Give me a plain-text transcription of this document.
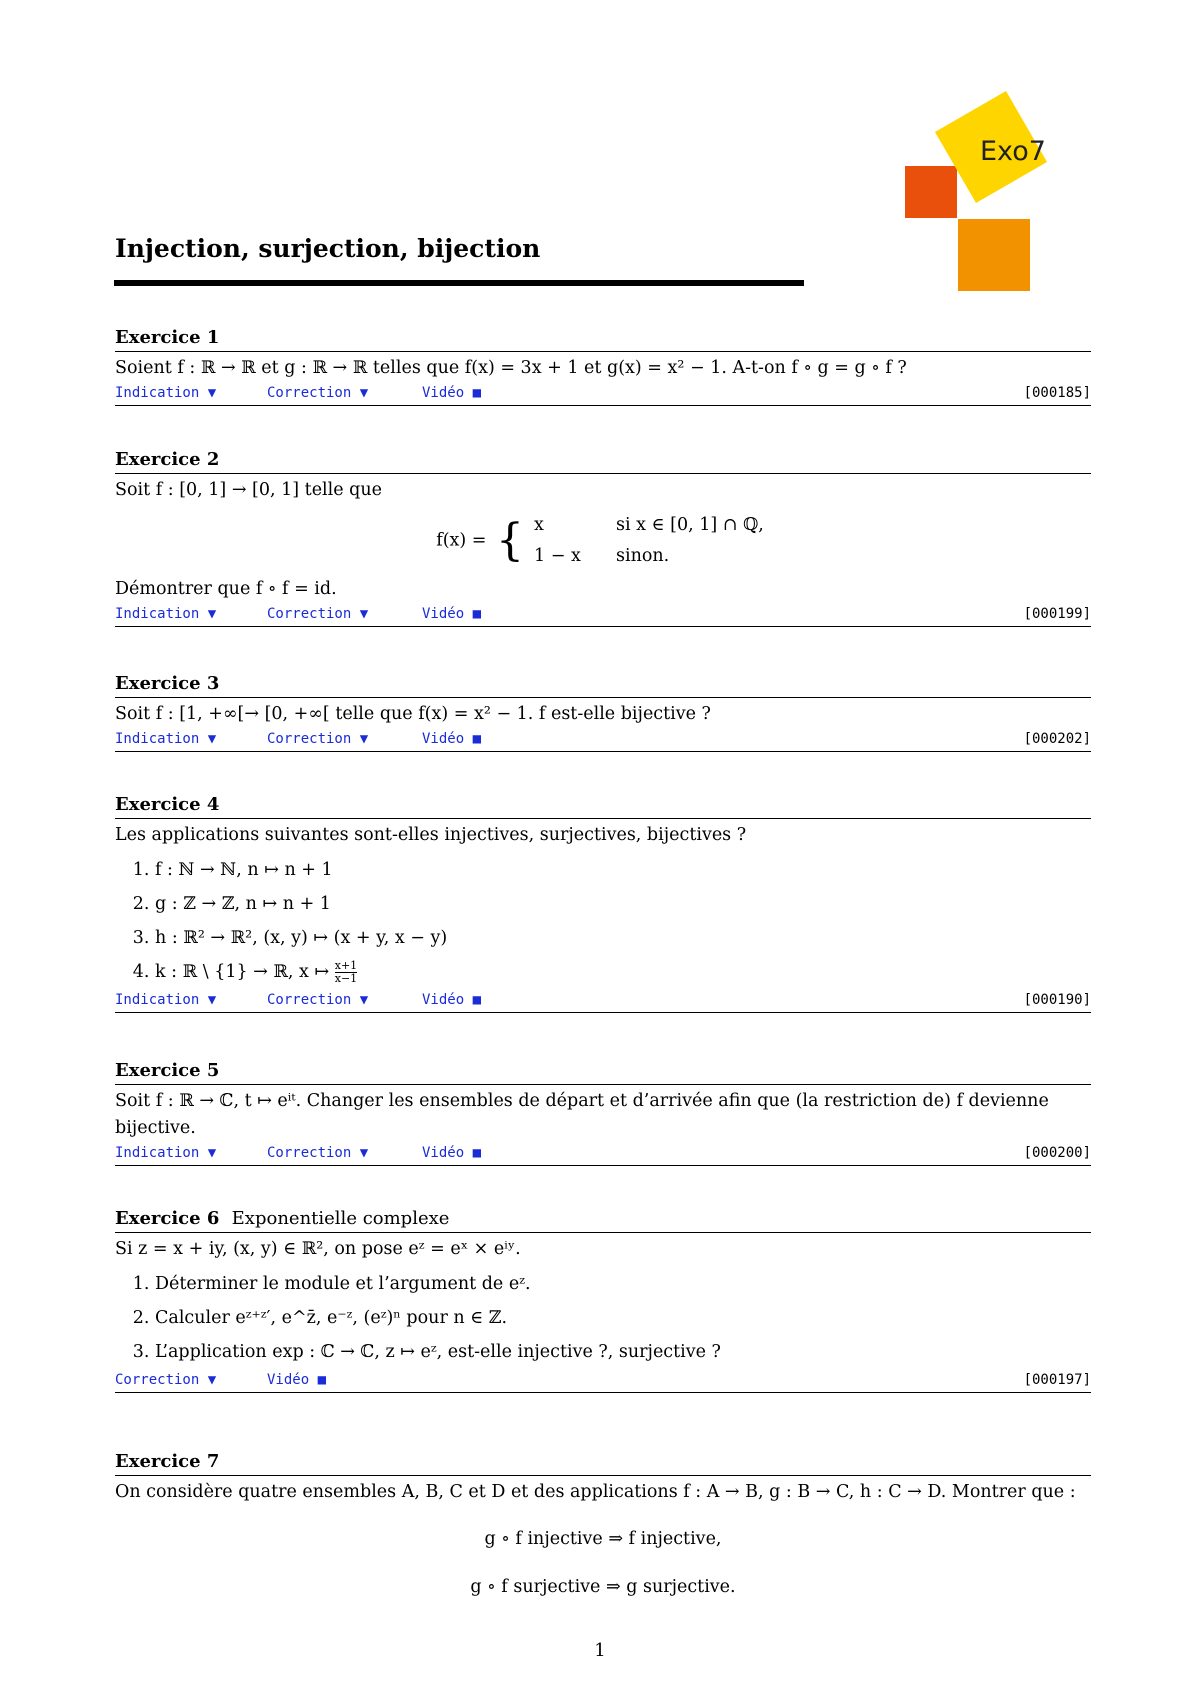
Exo7
Injection, surjection, bijection
Exercice 1
Soient f : ℝ → ℝ et g : ℝ → ℝ telles que f(x) = 3x + 1 et g(x) = x² − 1. A-t-on f ∘ g = g ∘ f ?
Indication ▼	Correction ▼	Vidéo ■	[000185]
Exercice 2
Soit f : [0, 1] → [0, 1] telle que
f(x) = { x	si x ∈ [0, 1] ∩ ℚ,
1 − x	sinon.
Démontrer que f ∘ f = id.
Indication ▼	Correction ▼	Vidéo ■	[000199]
Exercice 3
Soit f : [1, +∞[→ [0, +∞[ telle que f(x) = x² − 1. f est-elle bijective ?
Indication ▼	Correction ▼	Vidéo ■	[000202]
Exercice 4
Les applications suivantes sont-elles injectives, surjectives, bijectives ?
1. f : ℕ → ℕ, n ↦ n + 1
2. g : ℤ → ℤ, n ↦ n + 1
3. h : ℝ² → ℝ², (x, y) ↦ (x + y, x − y)
4. k : ℝ \ {1} → ℝ, x ↦ $\frac{x+1}{x-1}$
Indication ▼	Correction ▼	Vidéo ■	[000190]
Exercice 5
Soit f : ℝ → ℂ, t ↦ eⁱᵗ. Changer les ensembles de départ et d’arrivée afin que (la restriction de) f devienne bijective.
Indication ▼	Correction ▼	Vidéo ■	[000200]
Exercice 6 Exponentielle complexe
Si z = x + iy, (x, y) ∈ ℝ², on pose eᶻ = eˣ × eⁱʸ.
1. Déterminer le module et l’argument de eᶻ.
2. Calculer eᶻ⁺ᶻ′, e^z̄, e⁻ᶻ, (eᶻ)ⁿ pour n ∈ ℤ.
3. L’application exp : ℂ → ℂ, z ↦ eᶻ, est-elle injective ?, surjective ?
Correction ▼	Vidéo ■	[000197]
Exercice 7
On considère quatre ensembles A, B, C et D et des applications f : A → B, g : B → C, h : C → D. Montrer que :
g ∘ f injective ⇒ f injective,
g ∘ f surjective ⇒ g surjective.
1
